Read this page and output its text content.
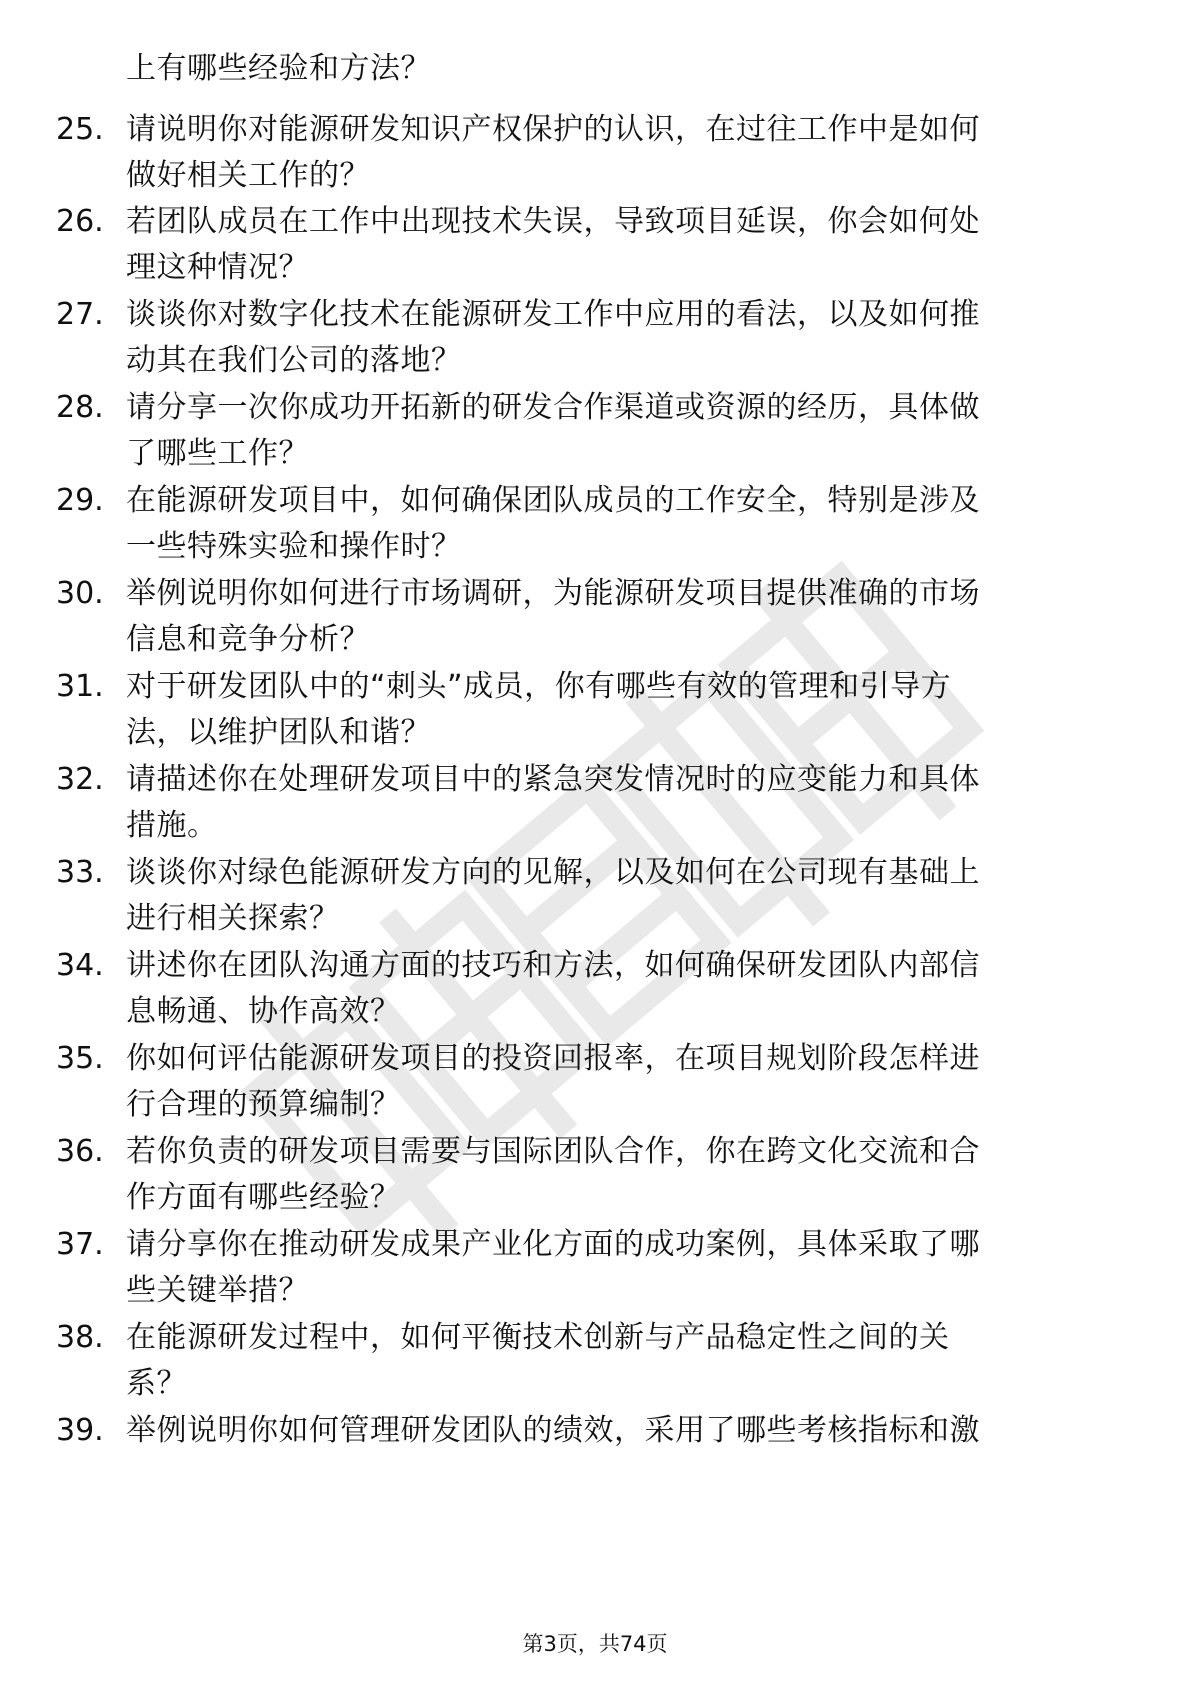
上有哪些经验和方法？
25. 请说明你对能源研发知识产权保护的认识，在过往工作中是如何
做好相关工作的？
26. 若团队成员在工作中出现技术失误，导致项目延误，你会如何处
理这种情况？
27. 谈谈你对数字化技术在能源研发工作中应用的看法，以及如何推
动其在我们公司的落地？
28. 请分享一次你成功开拓新的研发合作渠道或资源的经历，具体做
了哪些工作？
29. 在能源研发项目中，如何确保团队成员的工作安全，特别是涉及
一些特殊实验和操作时？
30. 举例说明你如何进行市场调研，为能源研发项目提供准确的市场
信息和竞争分析？
31. 对于研发团队中的“刺头”成员，你有哪些有效的管理和引导方
法，以维护团队和谐？
32. 请描述你在处理研发项目中的紧急突发情况时的应变能力和具体
措施。
33. 谈谈你对绿色能源研发方向的见解，以及如何在公司现有基础上
进行相关探索？
34. 讲述你在团队沟通方面的技巧和方法，如何确保研发团队内部信
息畅通、协作高效？
35. 你如何评估能源研发项目的投资回报率，在项目规划阶段怎样进
行合理的预算编制？
36. 若你负责的研发项目需要与国际团队合作，你在跨文化交流和合
作方面有哪些经验？
37. 请分享你在推动研发成果产业化方面的成功案例，具体采取了哪
些关键举措？
38. 在能源研发过程中，如何平衡技术创新与产品稳定性之间的关
系？
39. 举例说明你如何管理研发团队的绩效，采用了哪些考核指标和激
第3页，共74页
